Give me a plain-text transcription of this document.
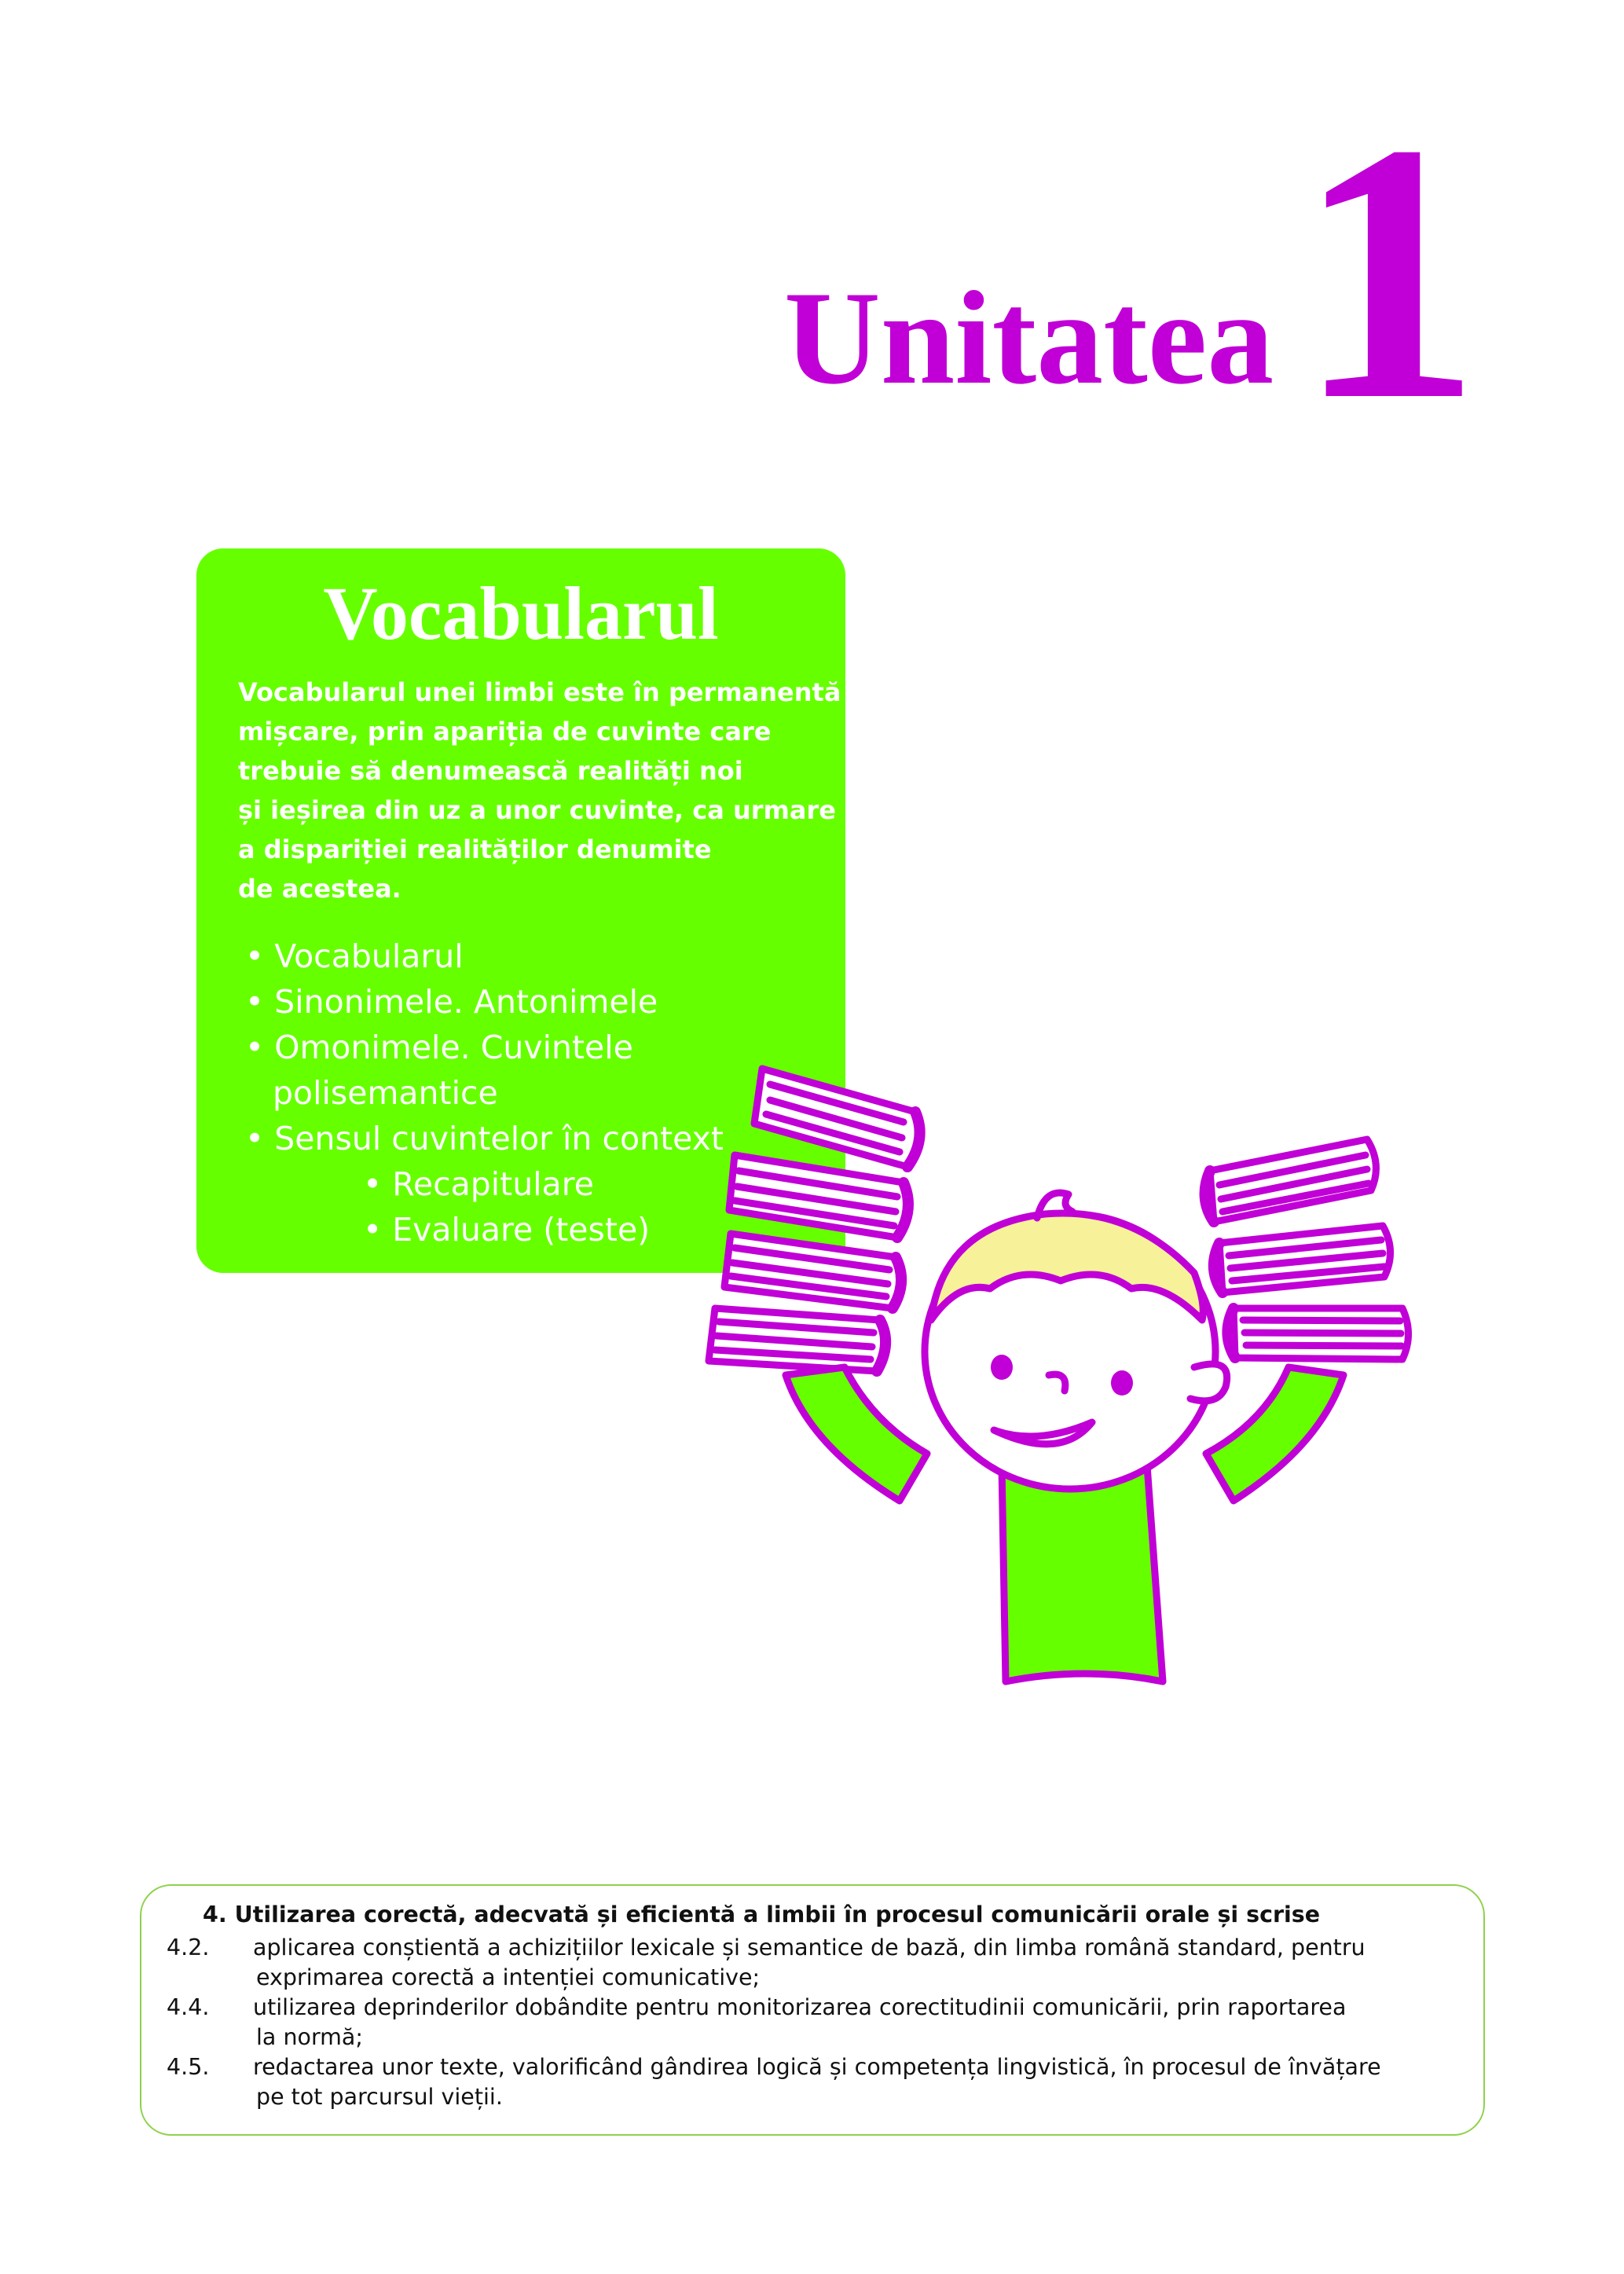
Unitatea 1
Vocabularul
Vocabularul unei limbi este în permanentă
mișcare, prin apariția de cuvinte care
trebuie să denumească realități noi
și ieșirea din uz a unor cuvinte, ca urmare
a dispariției realităților denumite
de acestea.
• Vocabularul
• Sinonimele. Antonimele
• Omonimele. Cuvintele
polisemantice
• Sensul cuvintelor în context
• Recapitulare
• Evaluare (teste)
4. Utilizarea corectă, adecvată și eficientă a limbii în procesul comunicării orale și scrise
4.2. aplicarea conștientă a achizițiilor lexicale și semantice de bază, din limba română standard, pentru
exprimarea corectă a intenției comunicative;
4.4. utilizarea deprinderilor dobândite pentru monitorizarea corectitudinii comunicării, prin raportarea
la normă;
4.5. redactarea unor texte, valorificând gândirea logică și competența lingvistică, în procesul de învățare
pe tot parcursul vieții.
